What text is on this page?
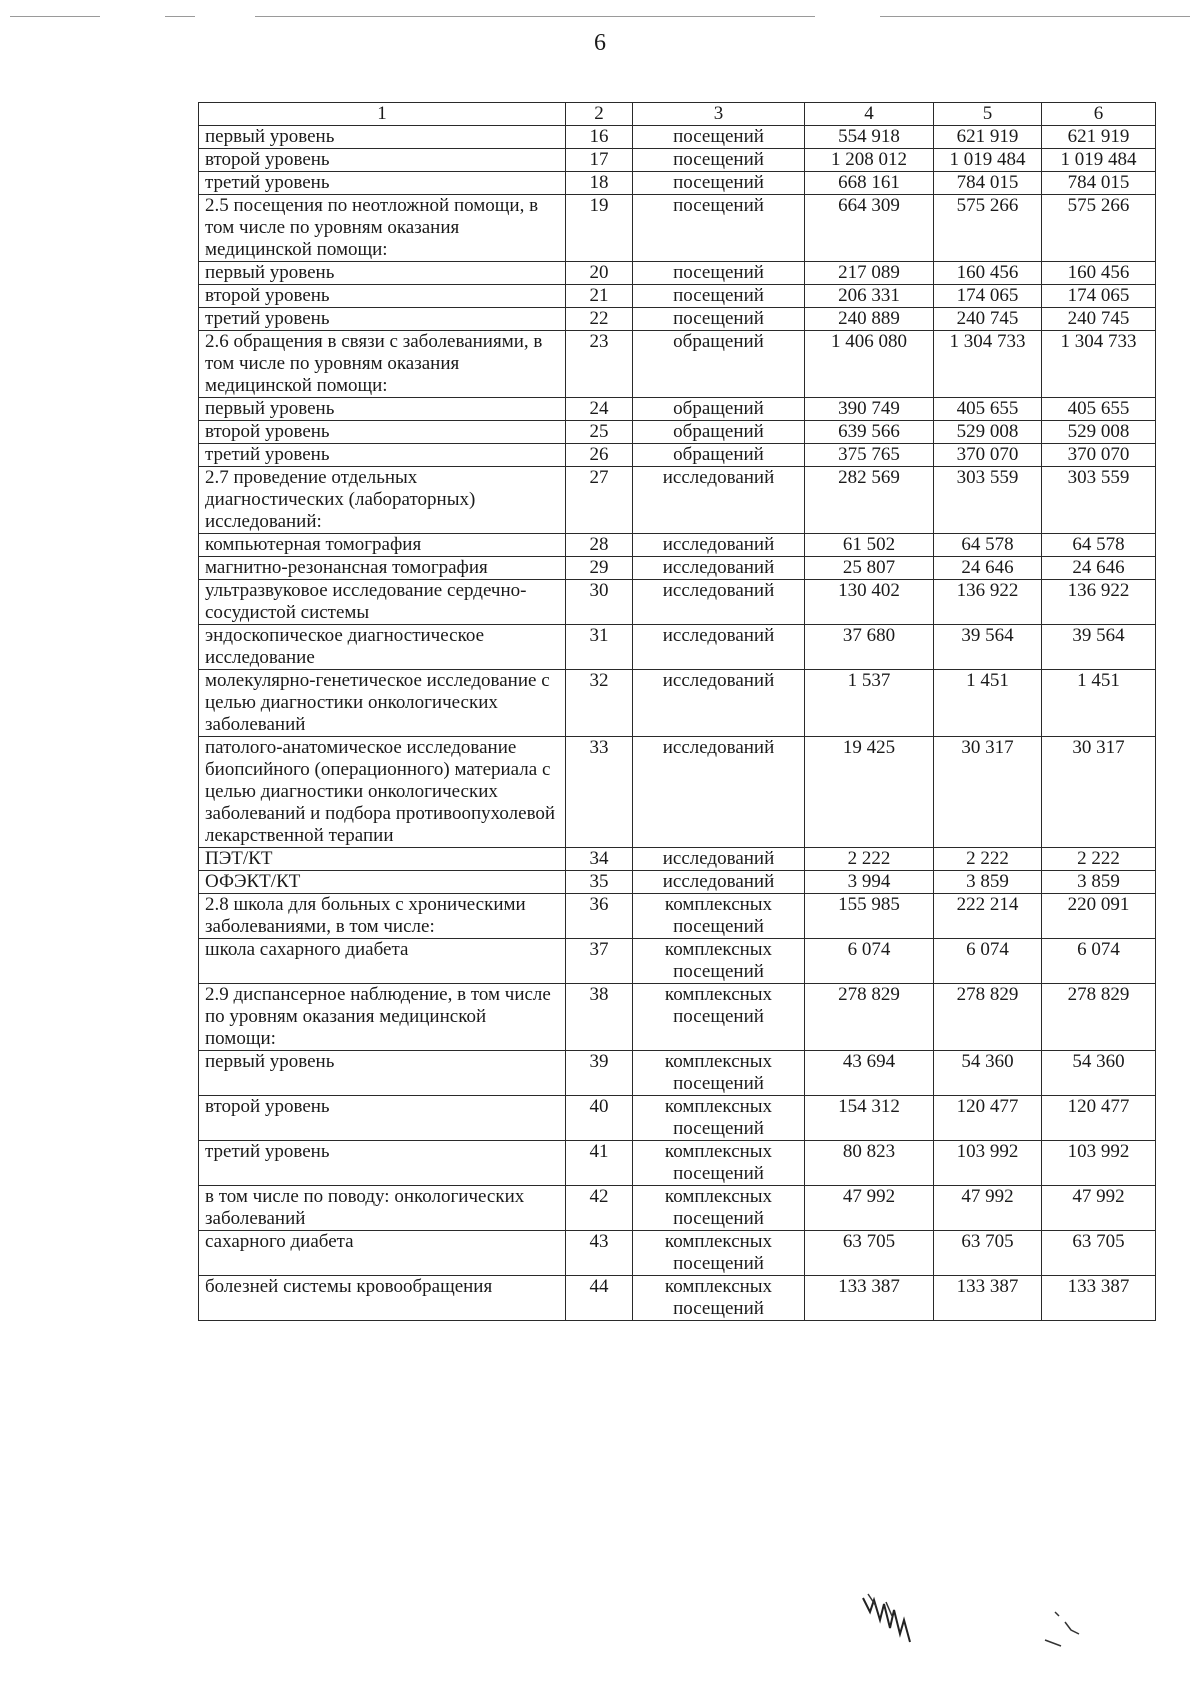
6
1	2	3	4	5	6
первый уровень	16	посещений	554 918	621 919	621 919
второй уровень	17	посещений	1 208 012	1 019 484	1 019 484
третий уровень	18	посещений	668 161	784 015	784 015
2.5 посещения по неотложной помощи, в том числе по уровням оказания медицинской помощи:	19	посещений	664 309	575 266	575 266
первый уровень	20	посещений	217 089	160 456	160 456
второй уровень	21	посещений	206 331	174 065	174 065
третий уровень	22	посещений	240 889	240 745	240 745
2.6 обращения в связи с заболеваниями, в том числе по уровням оказания медицинской помощи:	23	обращений	1 406 080	1 304 733	1 304 733
первый уровень	24	обращений	390 749	405 655	405 655
второй уровень	25	обращений	639 566	529 008	529 008
третий уровень	26	обращений	375 765	370 070	370 070
2.7 проведение отдельных диагностических (лабораторных) исследований:	27	исследований	282 569	303 559	303 559
компьютерная томография	28	исследований	61 502	64 578	64 578
магнитно-резонансная томография	29	исследований	25 807	24 646	24 646
ультразвуковое исследование сердечно-сосудистой системы	30	исследований	130 402	136 922	136 922
эндоскопическое диагностическое исследование	31	исследований	37 680	39 564	39 564
молекулярно-генетическое исследование с целью диагностики онкологических заболеваний	32	исследований	1 537	1 451	1 451
патолого-анатомическое исследование биопсийного (операционного) материала с целью диагностики онкологических заболеваний и подбора противоопухолевой лекарственной терапии	33	исследований	19 425	30 317	30 317
ПЭТ/КТ	34	исследований	2 222	2 222	2 222
ОФЭКТ/КТ	35	исследований	3 994	3 859	3 859
2.8 школа для больных с хроническими заболеваниями, в том числе:	36	комплексных посещений	155 985	222 214	220 091
школа сахарного диабета	37	комплексных посещений	6 074	6 074	6 074
2.9 диспансерное наблюдение, в том числе по уровням оказания медицинской помощи:	38	комплексных посещений	278 829	278 829	278 829
первый уровень	39	комплексных посещений	43 694	54 360	54 360
второй уровень	40	комплексных посещений	154 312	120 477	120 477
третий уровень	41	комплексных посещений	80 823	103 992	103 992
в том числе по поводу: онкологических заболеваний	42	комплексных посещений	47 992	47 992	47 992
сахарного диабета	43	комплексных посещений	63 705	63 705	63 705
болезней системы кровообращения	44	комплексных посещений	133 387	133 387	133 387
